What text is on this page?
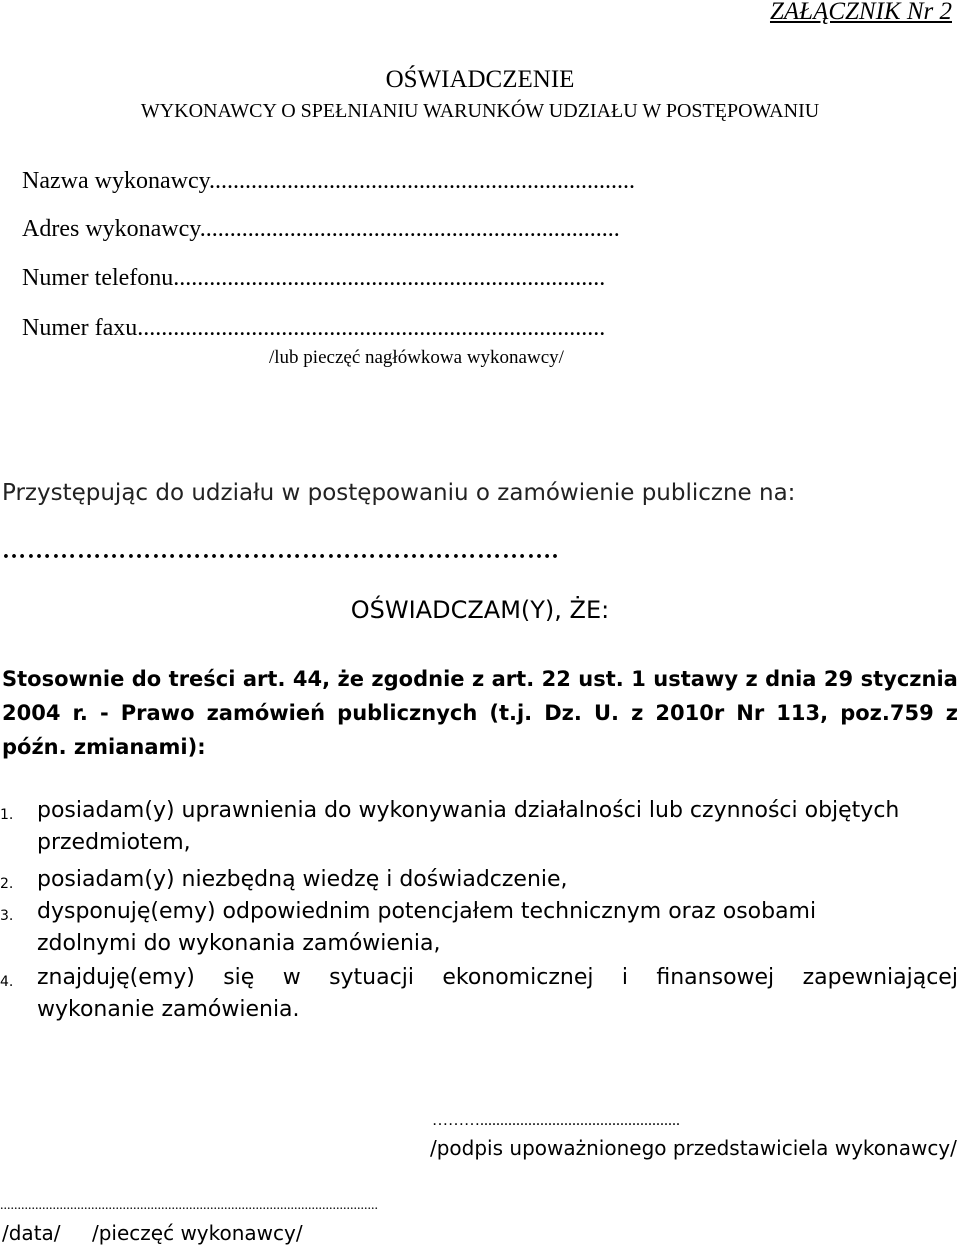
ZAŁĄCZNIK Nr 2
OŚWIADCZENIE
WYKONAWCY O SPEŁNIANIU WARUNKÓW UDZIAŁU W POSTĘPOWANIU
Nazwa wykonawcy.......................................................................
Adres wykonawcy......................................................................
Numer telefonu........................................................................
Numer faxu..............................................................................
/lub pieczęć nagłówkowa wykonawcy/
Przystępując do udziału w postępowaniu o zamówienie publiczne na:
………………………………………………………….
OŚWIADCZAM(Y), ŻE:
Stosownie do treści art. 44, że zgodnie z art. 22 ust. 1 ustawy z dnia 29 stycznia
2004 r. - Prawo zamówień publicznych (t.j. Dz. U. z 2010r Nr 113, poz.759 z
późn. zmianami):
1. posiadam(y) uprawnienia do wykonywania działalności lub czynności objętych
przedmiotem,
2. posiadam(y) niezbędną wiedzę i doświadczenie,
3. dysponuję(emy) odpowiednim potencjałem technicznym oraz osobami
zdolnymi do wykonania zamówienia,
4. znajduję(emy) się w sytuacji ekonomicznej i finansowej zapewniającej
wykonanie zamówienia.
………..................................................
/podpis upoważnionego przedstawiciela wykonawcy/
............................................................................................................
/data/ /pieczęć wykonawcy/
